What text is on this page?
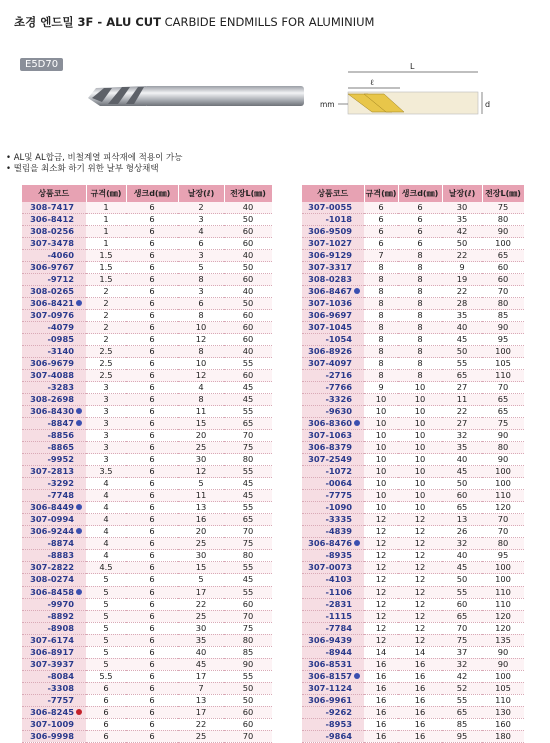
초경 엔드밀 3F - ALU CUT CARBIDE ENDMILLS FOR ALUMINIUM
E5D70	L
ℓ
d
mm
• AL및 AL합금, 비철계열 피삭재에 적용이 가능
• 떨림을 최소화 하기 위한 날부 형상채택
상품코드	규격(㎜)	생크d(㎜)	날장(ℓ)	전장L(㎜)
308-7417	1	6	2	40
306-8412	1	6	3	50
308-0256	1	6	4	60
307-3478	1	6	6	60
-4060	1.5	6	3	40
306-9767	1.5	6	5	50
-9712	1.5	6	8	60
308-0265	2	6	3	40
306-8421	2	6	6	50
307-0976	2	6	8	60
-4079	2	6	10	60
-0985	2	6	12	60
-3140	2.5	6	8	40
306-9679	2.5	6	10	55
307-4088	2.5	6	12	60
-3283	3	6	4	45
308-2698	3	6	8	45
306-8430	3	6	11	55
-8847	3	6	15	65
-8856	3	6	20	70
-8865	3	6	25	75
-9952	3	6	30	80
307-2813	3.5	6	12	55
-3292	4	6	5	45
-7748	4	6	11	45
306-8449	4	6	13	55
307-0994	4	6	16	65
306-9244	4	6	20	70
-8874	4	6	25	75
-8883	4	6	30	80
307-2822	4.5	6	15	55
308-0274	5	6	5	45
306-8458	5	6	17	55
-9970	5	6	22	60
-8892	5	6	25	70
-8908	5	6	30	75
307-6174	5	6	35	80
306-8917	5	6	40	85
307-3937	5	6	45	90
-8084	5.5	6	17	55
-3308	6	6	7	50
-7757	6	6	13	50
306-8245	6	6	17	60
307-1009	6	6	22	60
306-9998	6	6	25	70
상품코드	규격(㎜)	생크d(㎜)	날장(ℓ)	전장L(㎜)
307-0055	6	6	30	75
-1018	6	6	35	80
306-9509	6	6	42	90
307-1027	6	6	50	100
306-9129	7	8	22	65
307-3317	8	8	9	60
308-0283	8	8	19	60
306-8467	8	8	22	70
307-1036	8	8	28	80
306-9697	8	8	35	85
307-1045	8	8	40	90
-1054	8	8	45	95
306-8926	8	8	50	100
307-4097	8	8	55	105
-2716	8	8	65	110
-7766	9	10	27	70
-3326	10	10	11	65
-9630	10	10	22	65
306-8360	10	10	27	75
307-1063	10	10	32	90
306-8379	10	10	35	80
307-2549	10	10	40	90
-1072	10	10	45	100
-0064	10	10	50	100
-7775	10	10	60	110
-1090	10	10	65	120
-3335	12	12	13	70
-4839	12	12	26	70
306-8476	12	12	32	80
-8935	12	12	40	95
307-0073	12	12	45	100
-4103	12	12	50	100
-1106	12	12	55	110
-2831	12	12	60	110
-1115	12	12	65	120
-7784	12	12	70	120
306-9439	12	12	75	135
-8944	14	14	37	90
306-8531	16	16	32	90
306-8157	16	16	42	100
307-1124	16	16	52	105
306-9961	16	16	55	110
-9262	16	16	65	130
-8953	16	16	85	160
-9864	16	16	95	180
